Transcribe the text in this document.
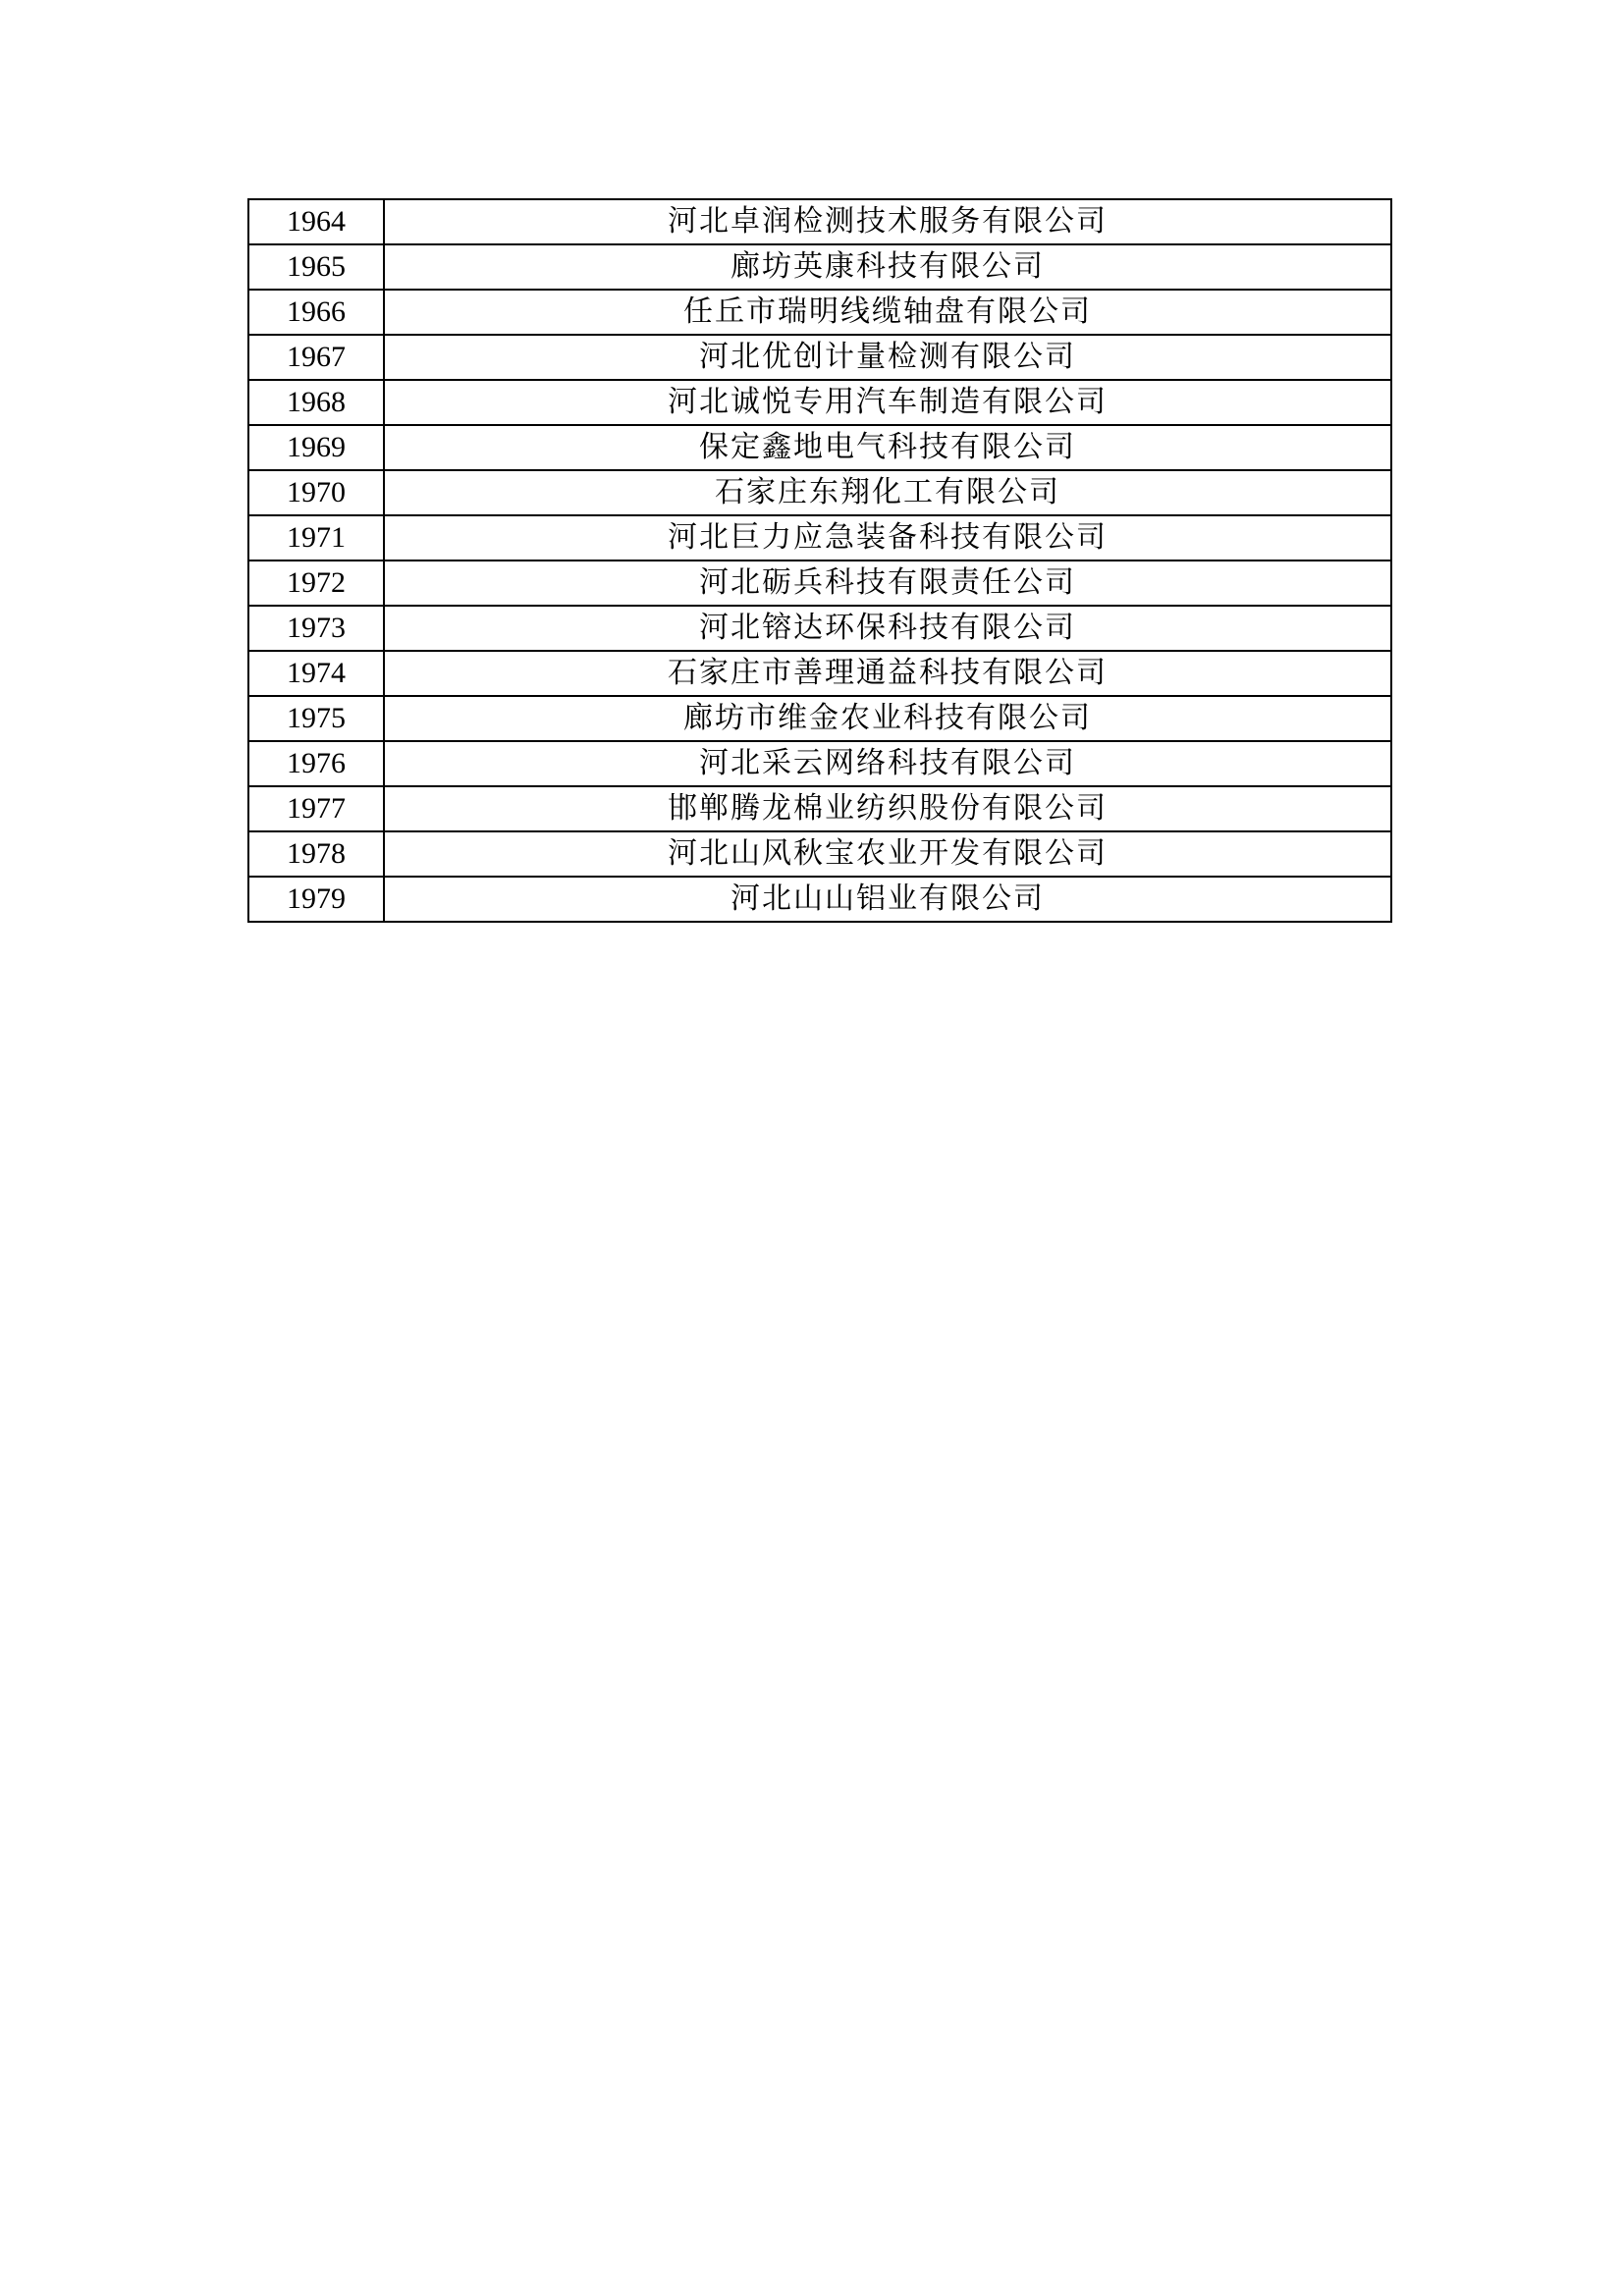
1964	河北卓润检测技术服务有限公司
1965	廊坊英康科技有限公司
1966	任丘市瑞明线缆轴盘有限公司
1967	河北优创计量检测有限公司
1968	河北诚悦专用汽车制造有限公司
1969	保定鑫地电气科技有限公司
1970	石家庄东翔化工有限公司
1971	河北巨力应急装备科技有限公司
1972	河北砺兵科技有限责任公司
1973	河北镕达环保科技有限公司
1974	石家庄市善理通益科技有限公司
1975	廊坊市维金农业科技有限公司
1976	河北采云网络科技有限公司
1977	邯郸腾龙棉业纺织股份有限公司
1978	河北山风秋宝农业开发有限公司
1979	河北山山铝业有限公司
